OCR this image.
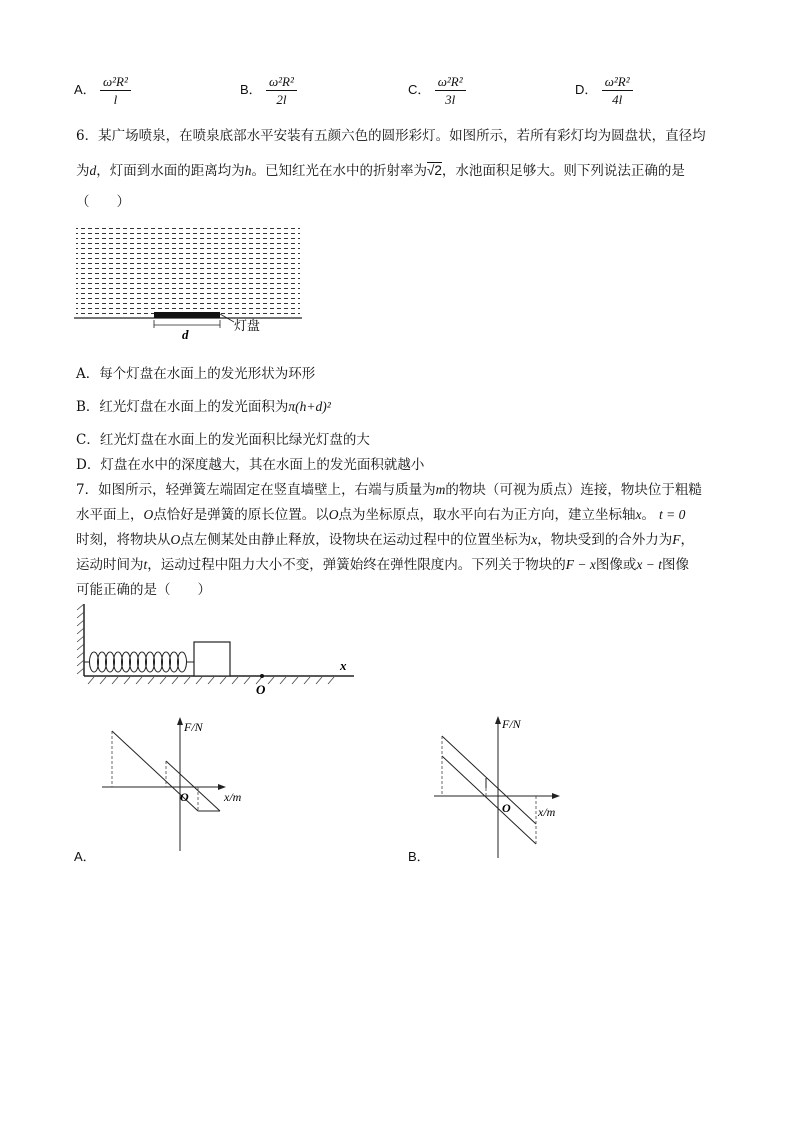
A． $\frac{\text{ω²R²}}{l}$	B． $\frac{\text{ω²R²}}{2l}$	C． $\frac{\text{ω²R²}}{3l}$	D． $\frac{\text{ω²R²}}{4l}$
6．某广场喷泉，在喷泉底部水平安装有五颜六色的圆形彩灯。如图所示，若所有彩灯均为圆盘状，直径均
为d，灯面到水面的距离均为h。已知红光在水中的折射率为√2，水池面积足够大。则下列说法正确的是
（　　）
d
灯盘
A．每个灯盘在水面上的发光形状为环形
B．红光灯盘在水面上的发光面积为π(h+d)²
C．红光灯盘在水面上的发光面积比绿光灯盘的大
D．灯盘在水中的深度越大，其在水面上的发光面积就越小
7．如图所示，轻弹簧左端固定在竖直墙壁上，右端与质量为m的物块（可视为质点）连接，物块位于粗糙
水平面上，O点恰好是弹簧的原长位置。以O点为坐标原点，取水平向右为正方向，建立坐标轴x。 t = 0
时刻，将物块从O点左侧某处由静止释放，设物块在运动过程中的位置坐标为x，物块受到的合外力为F，
运动时间为t，运动过程中阻力大小不变，弹簧始终在弹性限度内。下列关于物块的F − x图像或x − t图像
可能正确的是（　　）
O
x
F/N
x/m
O
A．
F/N
x/m
O
B．
